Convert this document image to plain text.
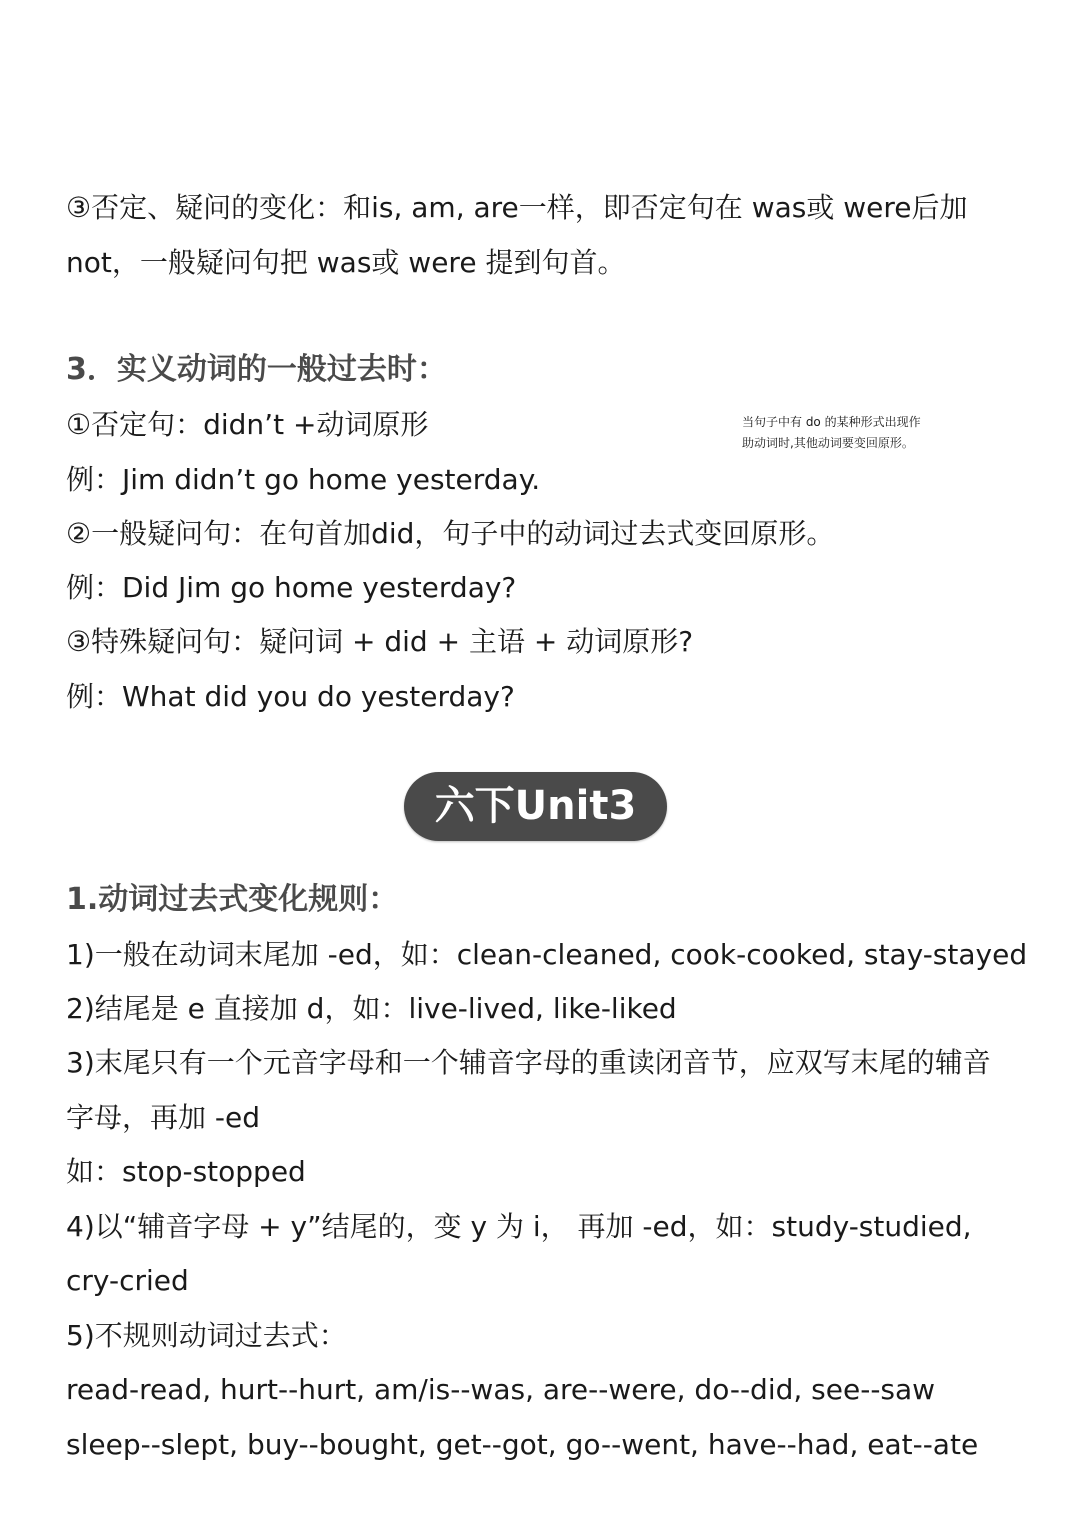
③否定、疑问的变化：和is, am, are一样，即否定句在 was或 were后加
not，一般疑问句把 was或 were 提到句首。
3．实义动词的一般过去时：
①否定句：didn’t +动词原形	当句子中有 do 的某种形式出现作助动词时,其他动词要变回原形。
例：Jim didn’t go home yesterday.
②一般疑问句：在句首加did，句子中的动词过去式变回原形。
例：Did Jim go home yesterday?
③特殊疑问句：疑问词 + did + 主语 + 动词原形?
例：What did you do yesterday?
六下Unit3
1.动词过去式变化规则：
1)一般在动词末尾加 -ed，如：clean-cleaned, cook-cooked, stay-stayed
2)结尾是 e 直接加 d，如：live-lived, like-liked
3)末尾只有一个元音字母和一个辅音字母的重读闭音节，应双写末尾的辅音
字母，再加 -ed
如：stop-stopped
4)以“辅音字母 + y”结尾的，变 y 为 i， 再加 -ed，如：study-studied,
cry-cried
5)不规则动词过去式：
read-read, hurt--hurt, am/is--was, are--were, do--did, see--saw
sleep--slept, buy--bought, get--got, go--went, have--had, eat--ate
